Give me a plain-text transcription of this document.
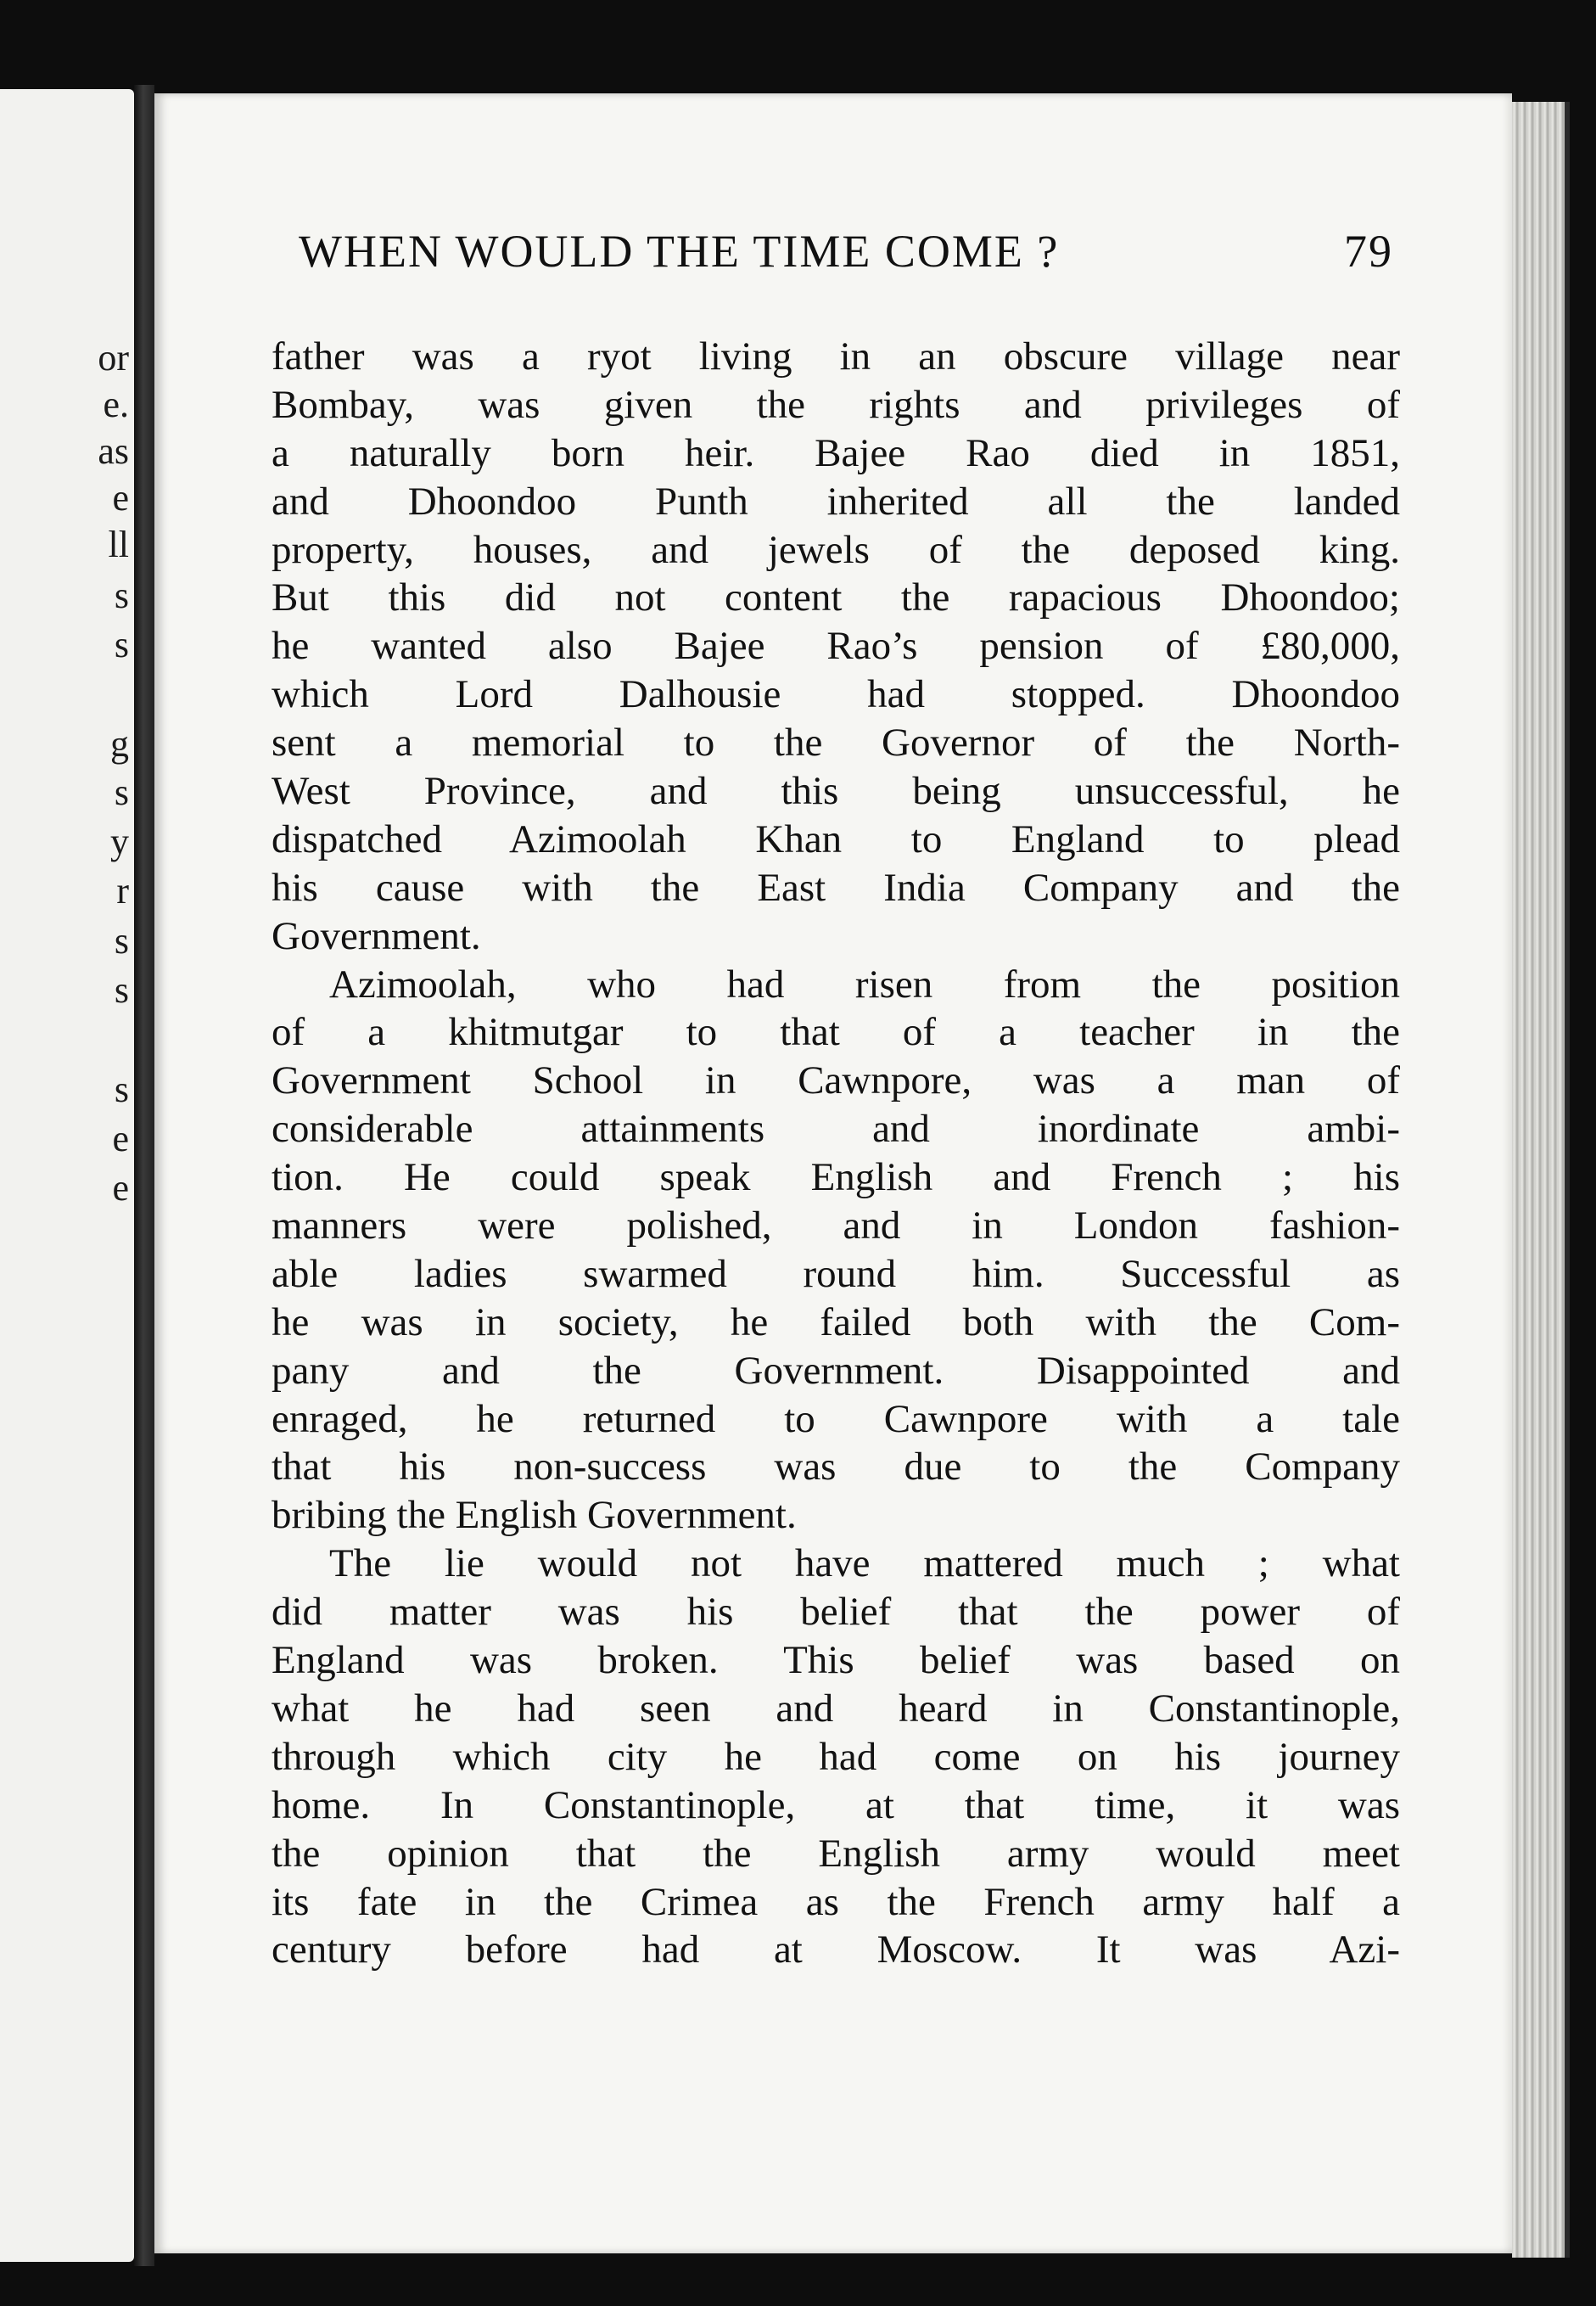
or
e.
as
e
ll
s
s
g
s
y
r
s
s
s
e
e
WHEN WOULD THE TIME COME ?	79
father was a ryot living in an obscure village near
Bombay, was given the rights and privileges of
a naturally born heir. Bajee Rao died in 1851,
and Dhoondoo Punth inherited all the landed
property, houses, and jewels of the deposed king.
But this did not content the rapacious Dhoondoo;
he wanted also Bajee Rao’s pension of £80,000,
which Lord Dalhousie had stopped. Dhoondoo
sent a memorial to the Governor of the North-
West Province, and this being unsuccessful, he
dispatched Azimoolah Khan to England to plead
his cause with the East India Company and the
Government.
Azimoolah, who had risen from the position
of a khitmutgar to that of a teacher in the
Government School in Cawnpore, was a man of
considerable attainments and inordinate ambi-
tion. He could speak English and French ; his
manners were polished, and in London fashion-
able ladies swarmed round him. Successful as
he was in society, he failed both with the Com-
pany and the Government. Disappointed and
enraged, he returned to Cawnpore with a tale
that his non-success was due to the Company
bribing the English Government.
The lie would not have mattered much ; what
did matter was his belief that the power of
England was broken. This belief was based on
what he had seen and heard in Constantinople,
through which city he had come on his journey
home. In Constantinople, at that time, it was
the opinion that the English army would meet
its fate in the Crimea as the French army half a
century before had at Moscow. It was Azi-
